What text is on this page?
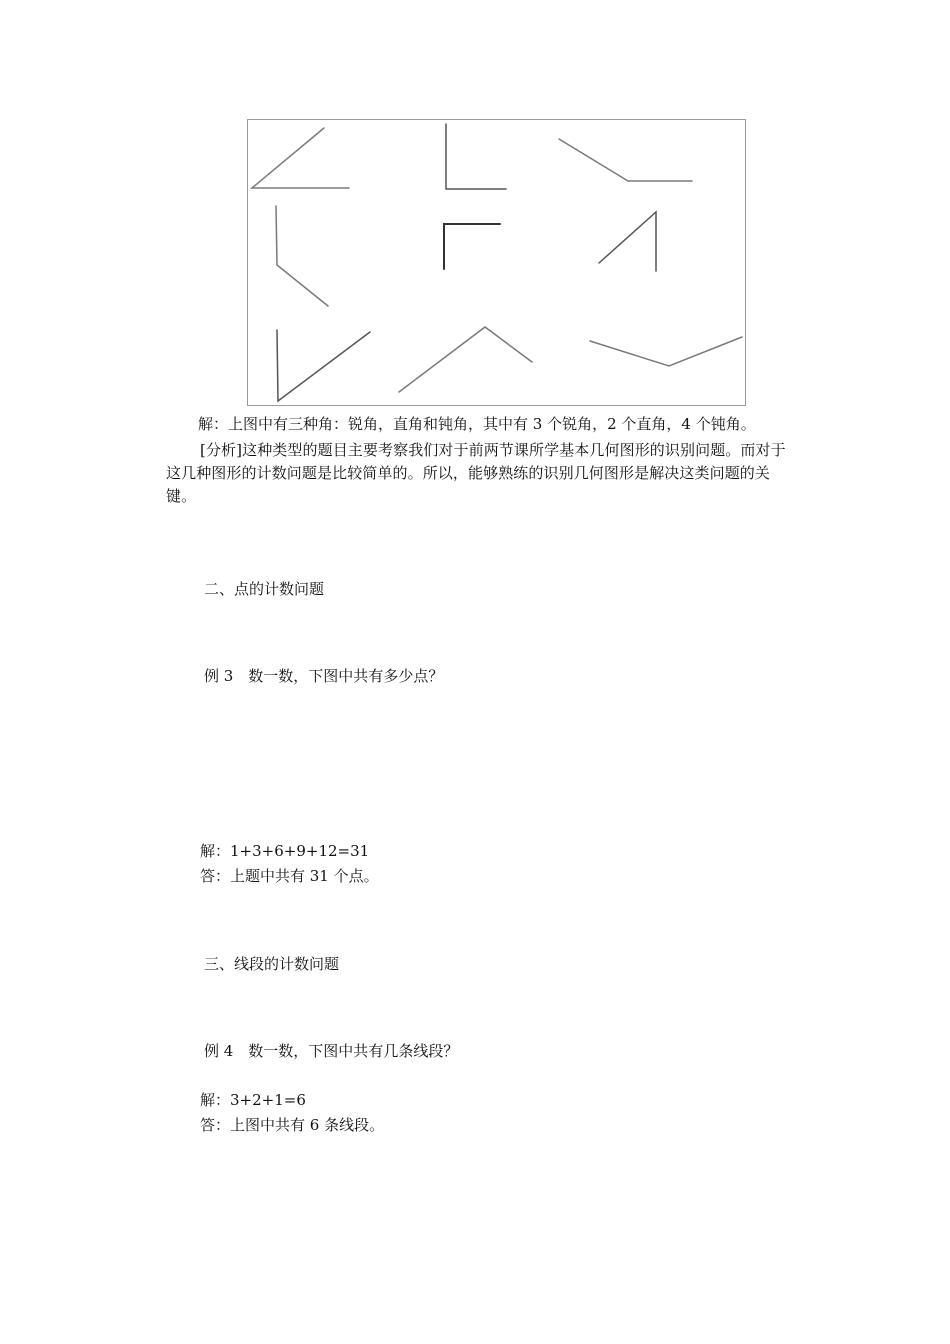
解：上图中有三种角：锐角，直角和钝角，其中有 3 个锐角，2 个直角，4 个钝角。
[分析]这种类型的题目主要考察我们对于前两节课所学基本几何图形的识别问题。而对于这几种图形的计数问题是比较简单的。所以，能够熟练的识别几何图形是解决这类问题的关键。
二、点的计数问题
例 3　数一数，下图中共有多少点？
解：1+3+6+9+12=31
答：上题中共有 31 个点。
三、线段的计数问题
例 4　数一数，下图中共有几条线段？
解：3+2+1=6
答：上图中共有 6 条线段。
